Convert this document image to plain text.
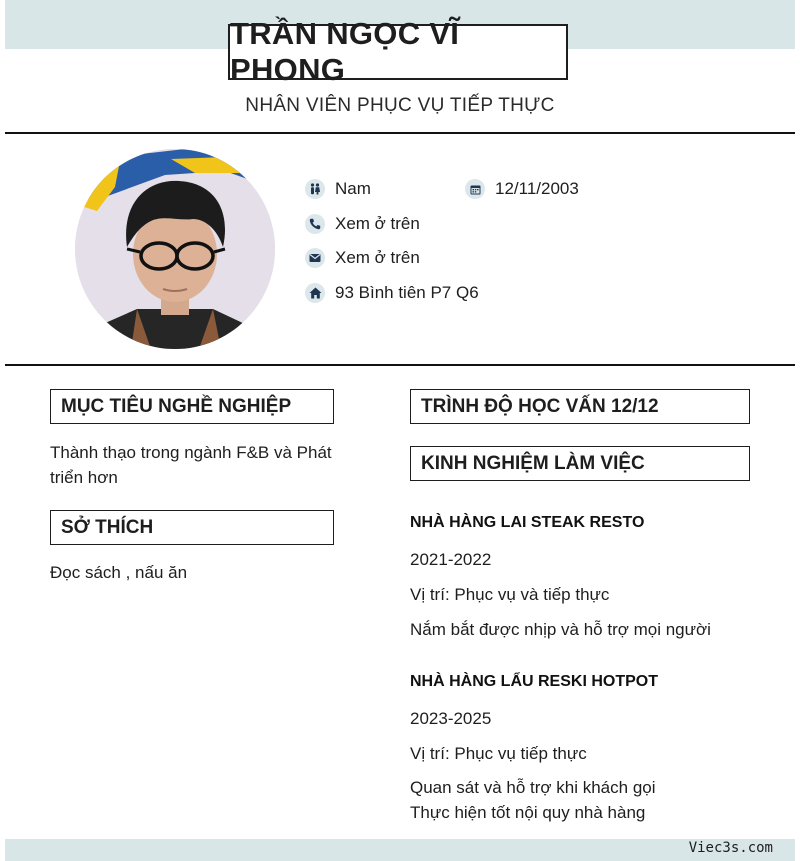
TRẦN NGỌC VĨ PHONG
NHÂN VIÊN PHỤC VỤ TIẾP THỰC
Nam	12/11/2003
Xem ở trên
Xem ở trên
93 Bình tiên P7 Q6
MỤC TIÊU NGHỀ NGHIỆP
Thành thạo trong ngành F&B và Phát triển hơn
SỞ THÍCH
Đọc sách , nấu ăn
TRÌNH ĐỘ HỌC VẤN 12/12
KINH NGHIỆM LÀM VIỆC
NHÀ HÀNG LAI STEAK RESTO
2021-2022
Vị trí: Phục vụ và tiếp thực
Nắm bắt được nhịp và hỗ trợ mọi người
NHÀ HÀNG LẨU RESKI HOTPOT
2023-2025
Vị trí: Phục vụ tiếp thực
Quan sát và hỗ trợ khi khách gọi
Thực hiện tốt nội quy nhà hàng
Viec3s.com
